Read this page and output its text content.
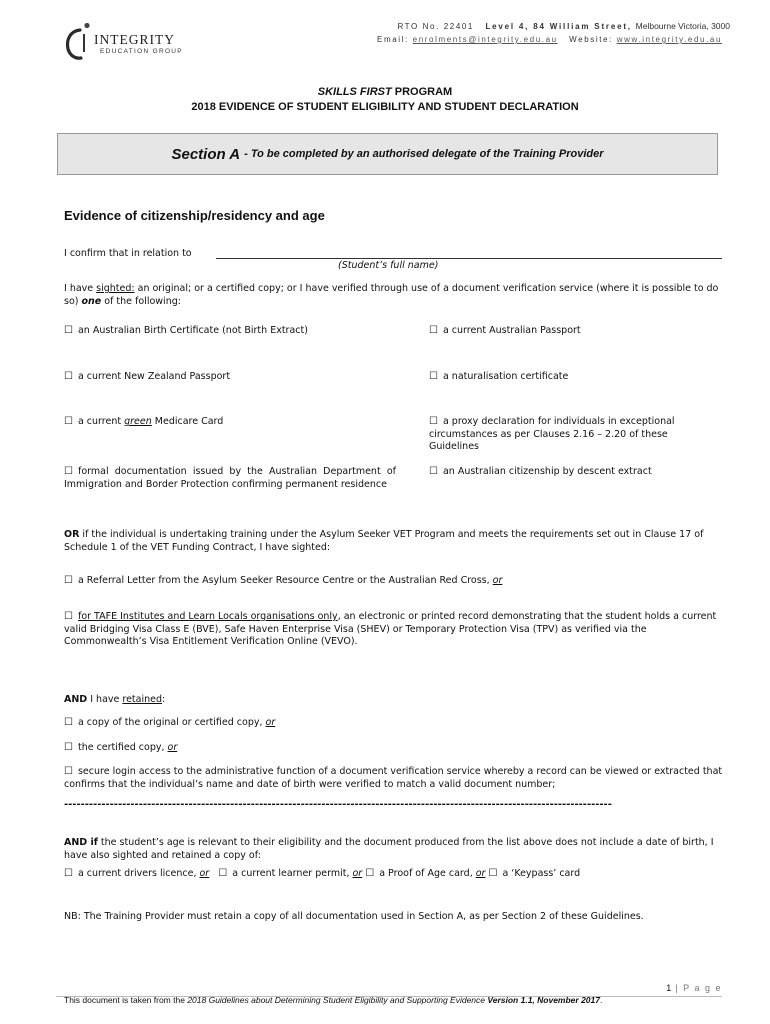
INTEGRITY
EDUCATION GROUP
RTO No. 22401 Level 4, 84 William Street, Melbourne Victoria, 3000
Email: enrolments@integrity.edu.au Website: www.integrity.edu.au
SKILLS FIRST PROGRAM
2018 EVIDENCE OF STUDENT ELIGIBILITY AND STUDENT DECLARATION
Section A - To be completed by an authorised delegate of the Training Provider
Evidence of citizenship/residency and age
I confirm that in relation to
(Student’s full name)
I have sighted: an original; or a certified copy; or I have verified through use of a document verification service (where it is possible to do so) one of the following:
☐ an Australian Birth Certificate (not Birth Extract)
☐ a current New Zealand Passport
☐ a current green Medicare Card
☐ formal documentation issued by the Australian Department of Immigration and Border Protection confirming permanent residence
☐ a current Australian Passport
☐ a naturalisation certificate
☐ a proxy declaration for individuals in exceptional circumstances as per Clauses 2.16 – 2.20 of these Guidelines
☐ an Australian citizenship by descent extract
OR if the individual is undertaking training under the Asylum Seeker VET Program and meets the requirements set out in Clause 17 of Schedule 1 of the VET Funding Contract, I have sighted:
☐ a Referral Letter from the Asylum Seeker Resource Centre or the Australian Red Cross, or
☐ for TAFE Institutes and Learn Locals organisations only, an electronic or printed record demonstrating that the student holds a current valid Bridging Visa Class E (BVE), Safe Haven Enterprise Visa (SHEV) or Temporary Protection Visa (TPV) as verified via the Commonwealth’s Visa Entitlement Verification Online (VEVO).
AND I have retained:
☐ a copy of the original or certified copy, or
☐ the certified copy, or
☐ secure login access to the administrative function of a document verification service whereby a record can be viewed or extracted that confirms that the individual’s name and date of birth were verified to match a valid document number;
------------------------------------------------------------------------------------------------------------------------------------
AND if the student’s age is relevant to their eligibility and the document produced from the list above does not include a date of birth, I have also sighted and retained a copy of:
☐ a current drivers licence, or ☐ a current learner permit, or ☐ a Proof of Age card, or ☐ a ‘Keypass’ card
NB: The Training Provider must retain a copy of all documentation used in Section A, as per Section 2 of these Guidelines.
1 | P a g e
This document is taken from the 2018 Guidelines about Determining Student Eligibility and Supporting Evidence Version 1.1, November 2017.
